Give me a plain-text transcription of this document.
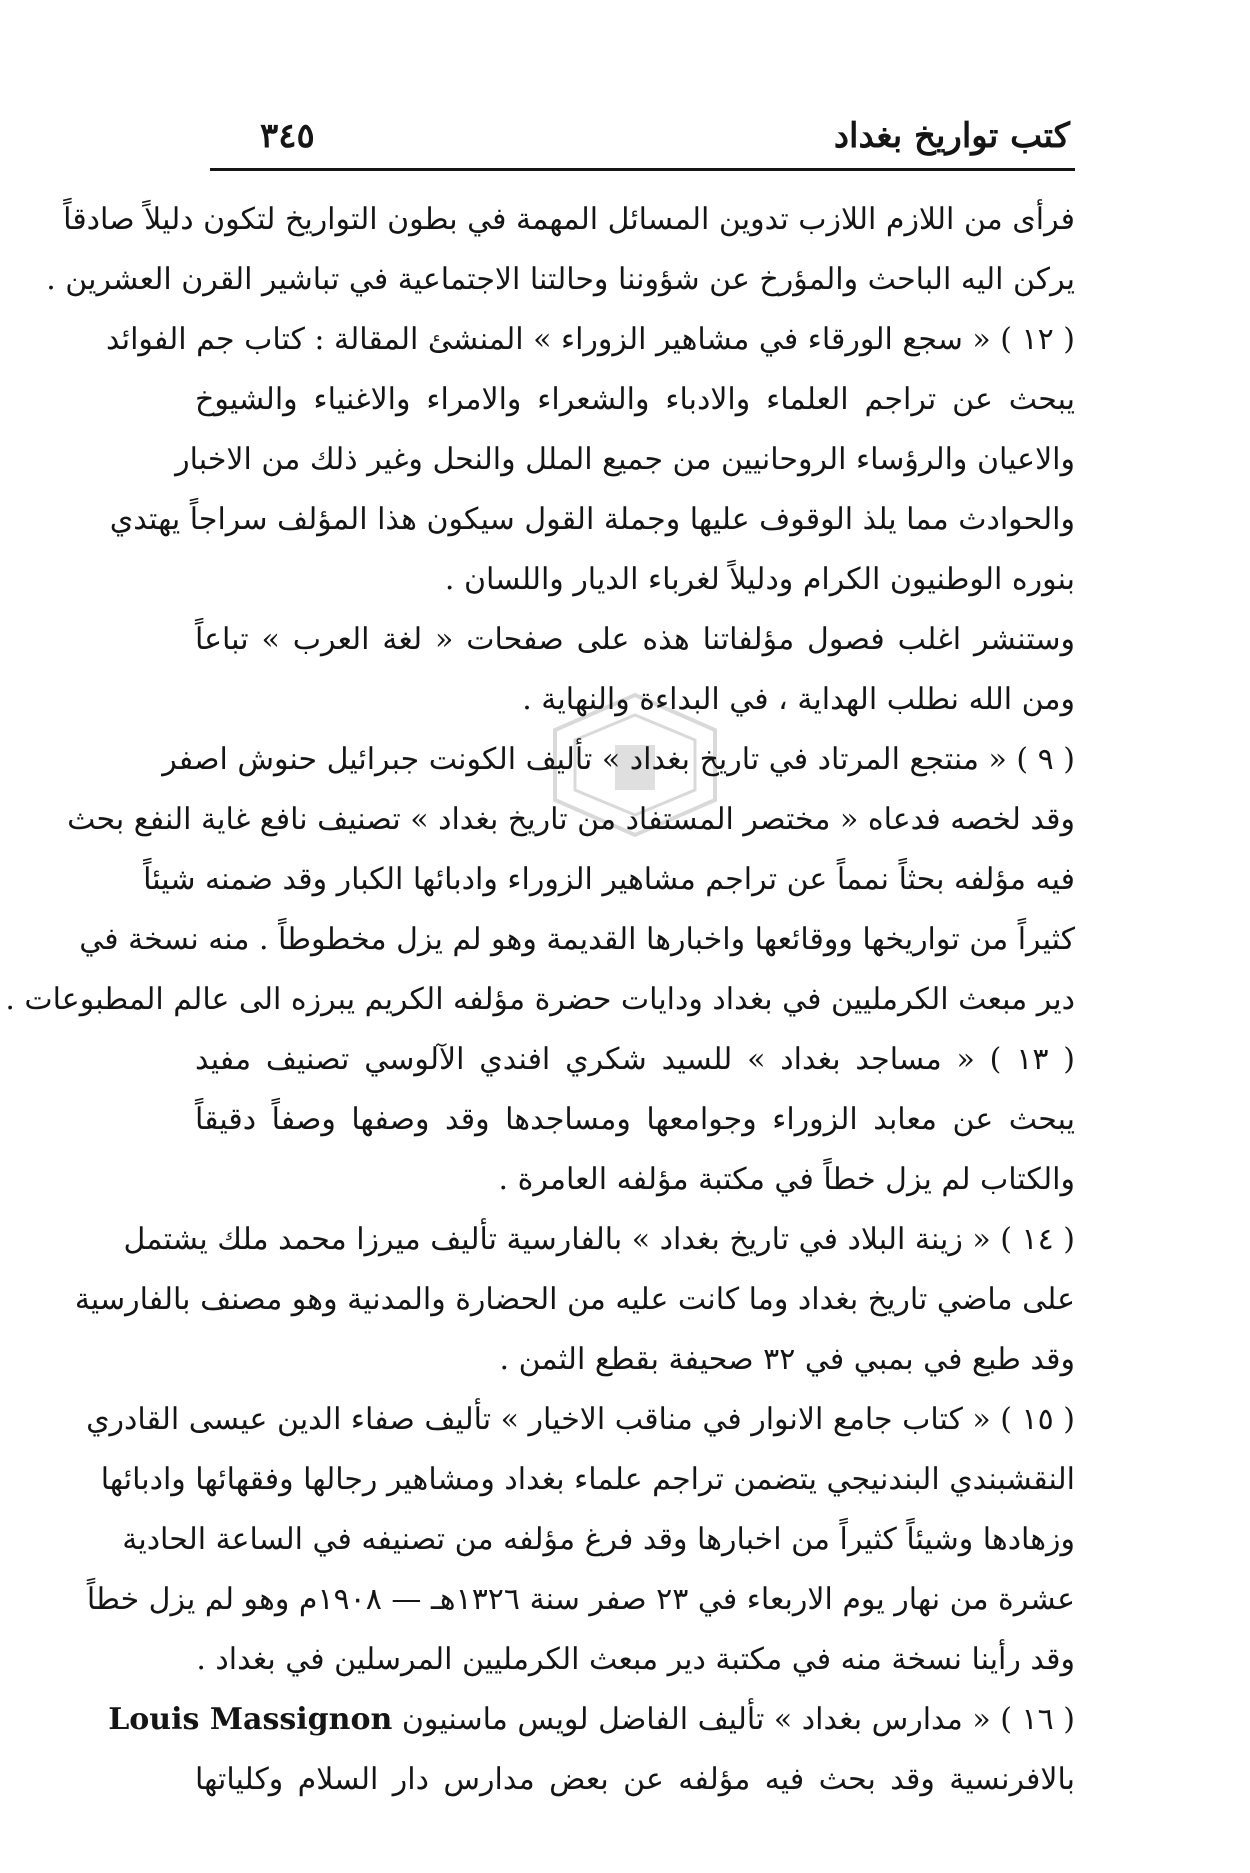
كتب تواريخ بغداد
٣٤٥
فرأى من اللازم اللازب تدوين المسائل المهمة في بطون التواريخ لتكون دليلاً صادقاً
يركن اليه الباحث والمؤرخ عن شؤوننا وحالتنا الاجتماعية في تباشير القرن العشرين .
( ١٢ ) « سجع الورقاء في مشاهير الزوراء » المنشئ المقالة : كتاب جم الفوائد
يبحث عن تراجم العلماء والادباء والشعراء والامراء والاغنياء والشيوخ
والاعيان والرؤساء الروحانيين من جميع الملل والنحل وغير ذلك من الاخبار
والحوادث مما يلذ الوقوف عليها وجملة القول سيكون هذا المؤلف سراجاً يهتدي
بنوره الوطنيون الكرام ودليلاً لغرباء الديار واللسان .
وستنشر اغلب فصول مؤلفاتنا هذه على صفحات « لغة العرب » تباعاً
ومن الله نطلب الهداية ، في البداءة والنهاية .
( ٩ ) « منتجع المرتاد في تاريخ بغداد » تأليف الكونت جبرائيل حنوش اصفر
وقد لخصه فدعاه « مختصر المستفاد من تاريخ بغداد » تصنيف نافع غاية النفع بحث
فيه مؤلفه بحثاً نمماً عن تراجم مشاهير الزوراء وادبائها الكبار وقد ضمنه شيئاً
كثيراً من تواريخها ووقائعها واخبارها القديمة وهو لم يزل مخطوطاً . منه نسخة في
دير مبعث الكرمليين في بغداد ودايات حضرة مؤلفه الكريم يبرزه الى عالم المطبوعات .
( ١٣ ) « مساجد بغداد » للسيد شكري افندي الآلوسي تصنيف مفيد
يبحث عن معابد الزوراء وجوامعها ومساجدها وقد وصفها وصفاً دقيقاً
والكتاب لم يزل خطاً في مكتبة مؤلفه العامرة .
( ١٤ ) « زينة البلاد في تاريخ بغداد » بالفارسية تأليف ميرزا محمد ملك يشتمل
على ماضي تاريخ بغداد وما كانت عليه من الحضارة والمدنية وهو مصنف بالفارسية
وقد طبع في بمبي في ٣٢ صحيفة بقطع الثمن .
( ١٥ ) « كتاب جامع الانوار في مناقب الاخيار » تأليف صفاء الدين عيسى القادري
النقشبندي البندنيجي يتضمن تراجم علماء بغداد ومشاهير رجالها وفقهائها وادبائها
وزهادها وشيئاً كثيراً من اخبارها وقد فرغ مؤلفه من تصنيفه في الساعة الحادية
عشرة من نهار يوم الاربعاء في ٢٣ صفر سنة ١٣٢٦هـ — ١٩٠٨م وهو لم يزل خطاً
وقد رأينا نسخة منه في مكتبة دير مبعث الكرمليين المرسلين في بغداد .
( ١٦ ) « مدارس بغداد » تأليف الفاضل لويس ماسنيون Louis Massignon
بالافرنسية وقد بحث فيه مؤلفه عن بعض مدارس دار السلام وكلياتها
